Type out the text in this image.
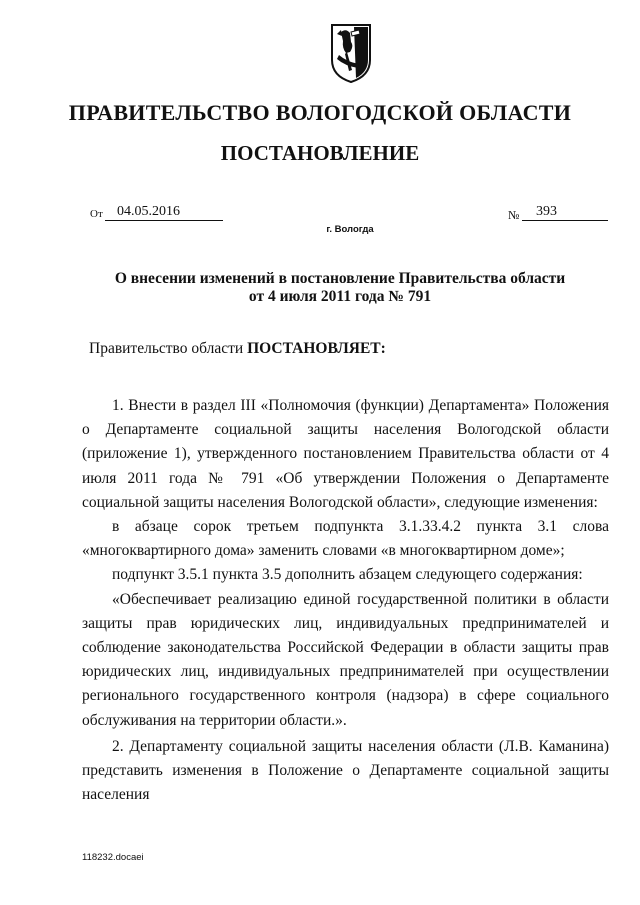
ПРАВИТЕЛЬСТВО ВОЛОГОДСКОЙ ОБЛАСТИ
ПОСТАНОВЛЕНИЕ
От	04.05.2016	№	393
г. Вологда
О внесении изменений в постановление Правительства области
от 4 июля 2011 года № 791
Правительство области ПОСТАНОВЛЯЕТ:

1. Внести в раздел III «Полномочия (функции) Департамента» Положения о Департаменте социальной защиты населения Вологодской области (приложение 1), утвержденного постановлением Правительства области от 4 июля 2011 года № 791 «Об утверждении Положения о Департаменте социальной защиты населения Вологодской области», следующие изменения:

в абзаце сорок третьем подпункта 3.1.33.4.2 пункта 3.1 слова «многоквартирного дома» заменить словами «в многоквартирном доме»;

подпункт 3.5.1 пункта 3.5 дополнить абзацем следующего содержания:

«Обеспечивает реализацию единой государственной политики в области защиты прав юридических лиц, индивидуальных предпринимателей и соблюдение законодательства Российской Федерации в области защиты прав юридических лиц, индивидуальных предпринимателей при осуществлении регионального государственного контроля (надзора) в сфере социального обслуживания на территории области.».

2. Департаменту социальной защиты населения области (Л.В. Каманина) представить изменения в Положение о Департаменте социальной защиты населения

118232.docaei
